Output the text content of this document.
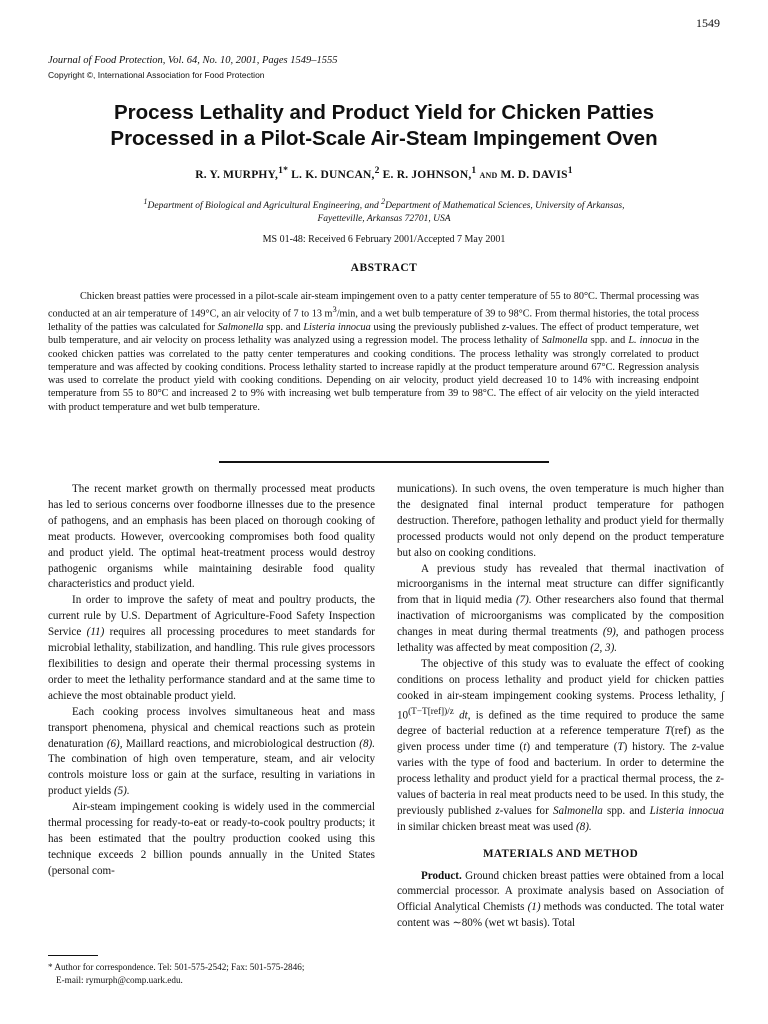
1549
Journal of Food Protection, Vol. 64, No. 10, 2001, Pages 1549–1555
Copyright ©, International Association for Food Protection
Process Lethality and Product Yield for Chicken Patties
Processed in a Pilot-Scale Air-Steam Impingement Oven
R. Y. MURPHY,$^{1*}$ L. K. DUNCAN,$^2$ E. R. JOHNSON,$^1$ and M. D. DAVIS$^1$
$^1$Department of Biological and Agricultural Engineering, and $^2$Department of Mathematical Sciences, University of Arkansas,
Fayetteville, Arkansas 72701, USA
MS 01-48: Received 6 February 2001/Accepted 7 May 2001
ABSTRACT

Chicken breast patties were processed in a pilot-scale air-steam impingement oven to a patty center temperature of 55 to 80°C. Thermal processing was conducted at an air temperature of 149°C, an air velocity of 7 to 13 $m^3/\min$, and a wet bulb temperature of 39 to 98°C. From thermal histories, the total process lethality of the patties was calculated for Salmonella spp. and Listeria innocua using the previously published z-values. The effect of product temperature, wet bulb temperature, and air velocity on process lethality was analyzed using a regression model. The process lethality of Salmonella spp. and L. innocua in the cooked chicken patties was correlated to the patty center temperatures and cooking conditions. The process lethality was strongly correlated to product temperature and was affected by cooking conditions. Process lethality started to increase rapidly at the product temperature around 67°C. Regression analysis was used to correlate the product yield with cooking conditions. Depending on air velocity, product yield decreased 10 to 14% with increasing endpoint temperature from 55 to 80°C and increased 2 to 9% with increasing wet bulb temperature from 39 to 98°C. The effect of air velocity on the yield interacted with product temperature and wet bulb temperature.

The recent market growth on thermally processed meat products has led to serious concerns over foodborne illnesses due to the presence of pathogens, and an emphasis has been placed on thorough cooking of meat products. However, overcooking compromises both food quality and product yield. The optimal heat-treatment process would destroy pathogenic organisms while maintaining desirable food quality characteristics and product yield.

In order to improve the safety of meat and poultry products, the current rule by U.S. Department of Agriculture-Food Safety Inspection Service (11) requires all processing procedures to meet standards for microbial lethality, stabilization, and handling. This rule gives processors flexibilities to design and operate their thermal processing systems in order to meet the lethality performance standard and at the same time to achieve the most obtainable product yield.

Each cooking process involves simultaneous heat and mass transport phenomena, physical and chemical reactions such as protein denaturation (6), Maillard reactions, and microbiological destruction (8). The combination of high oven temperature, steam, and air velocity controls moisture loss or gain at the surface, resulting in variations in product yields (5).

Air-steam impingement cooking is widely used in the commercial thermal processing for ready-to-eat or ready-to-cook poultry products; it has been estimated that the poultry production cooked using this technique exceeds 2 billion pounds annually in the United States (personal com-

* Author for correspondence. Tel: 501-575-2542; Fax: 501-575-2846;
E-mail: rymurph@comp.uark.edu.

munications). In such ovens, the oven temperature is much higher than the designated final internal product temperature for pathogen destruction. Therefore, pathogen lethality and product yield for thermally processed products would not only depend on the product temperature but also on cooking conditions.

A previous study has revealed that thermal inactivation of microorganisms in the internal meat structure can differ significantly from that in liquid media (7). Other researchers also found that thermal inactivation of microorganisms was complicated by the composition changes in meat during thermal treatments (9), and pathogen process lethality was affected by meat composition (2, 3).

The objective of this study was to evaluate the effect of cooking conditions on process lethality and product yield for chicken patties cooked in air-steam impingement cooking systems. Process lethality, ∫ $10^{(T-T[ref])/z}$ dt, is defined as the time required to produce the same degree of bacterial reduction at a reference temperature T(ref) as the given process under time (t) and temperature (T) history. The z-value varies with the type of food and bacterium. In order to determine the process lethality and product yield for a practical thermal process, the z-values of bacteria in real meat products need to be used. In this study, the previously published z-values for Salmonella spp. and Listeria innocua in similar chicken breast meat was used (8).

MATERIALS AND METHOD

Product. Ground chicken breast patties were obtained from a local commercial processor. A proximate analysis based on Association of Official Analytical Chemists (1) methods was conducted. The total water content was ∼80% (wet wt basis). Total
